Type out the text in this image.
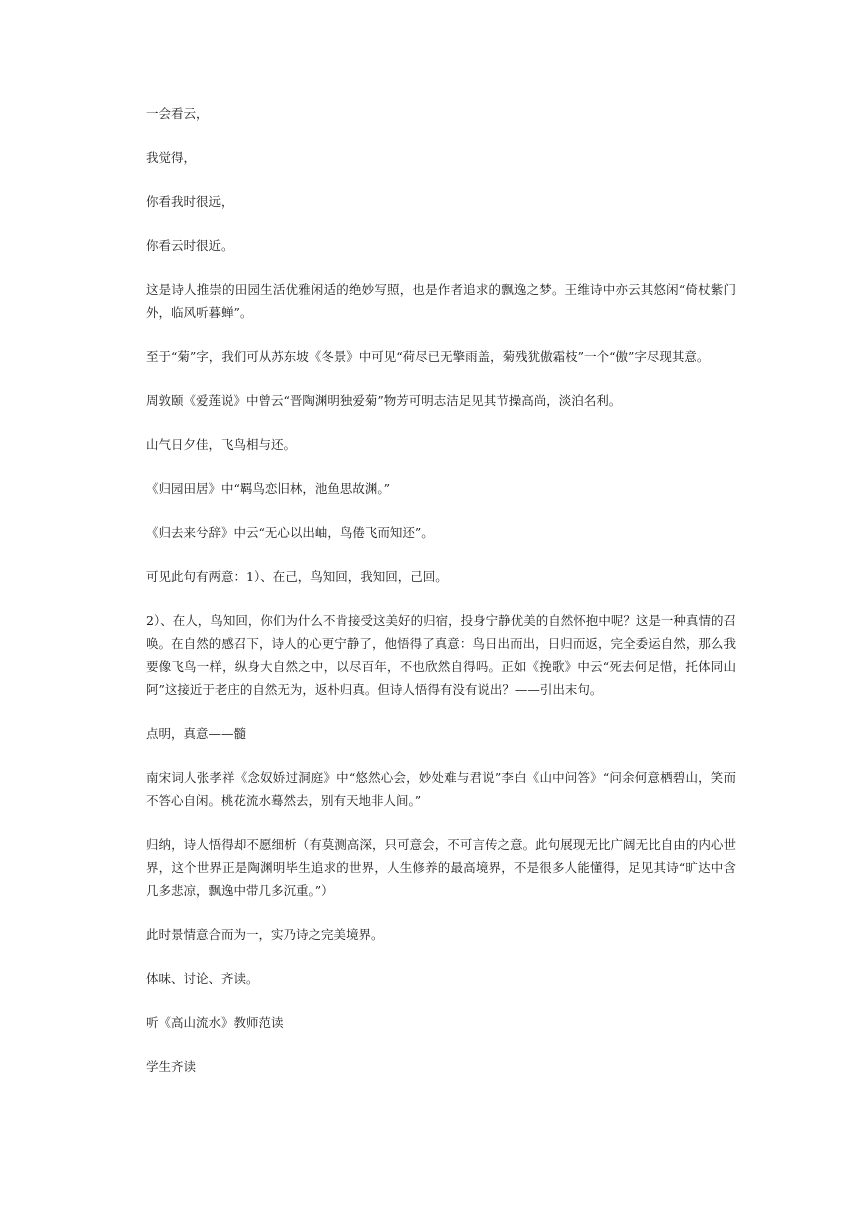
一会看云，

我觉得，

你看我时很远，

你看云时很近。

这是诗人推崇的田园生活优雅闲适的绝妙写照，也是作者追求的飘逸之梦。王维诗中亦云其悠闲“倚杖紫门外，临风听暮蝉”。

至于“菊”字，我们可从苏东坡《冬景》中可见“荷尽已无擎雨盖，菊残犹傲霜枝”一个“傲”字尽现其意。

周敦颐《爱莲说》中曾云“晋陶渊明独爱菊”物芳可明志洁足见其节操高尚，淡泊名利。

山气日夕佳，飞鸟相与还。

《归园田居》中“羁鸟恋旧林，池鱼思故渊。”

《归去来兮辞》中云“无心以出岫，鸟倦飞而知还”。

可见此句有两意：1）、在己，鸟知回，我知回，己回。

2）、在人，鸟知回，你们为什么不肯接受这美好的归宿，投身宁静优美的自然怀抱中呢？这是一种真情的召唤。在自然的感召下，诗人的心更宁静了，他悟得了真意：鸟日出而出，日归而返，完全委运自然，那么我要像飞鸟一样，纵身大自然之中，以尽百年，不也欣然自得吗。正如《挽歌》中云“死去何足惜，托体同山阿”这接近于老庄的自然无为，返朴归真。但诗人悟得有没有说出？——引出末句。

点明，真意——髓

南宋词人张孝祥《念奴娇过洞庭》中“悠然心会，妙处难与君说”李白《山中问答》“问余何意栖碧山，笑而不答心自闲。桃花流水蓦然去，别有天地非人间。”

归纳，诗人悟得却不愿细析（有莫测高深，只可意会，不可言传之意。此句展现无比广阔无比自由的内心世界，这个世界正是陶渊明毕生追求的世界，人生修养的最高境界，不是很多人能懂得，足见其诗“旷达中含几多悲凉，飘逸中带几多沉重。”）

此时景情意合而为一，实乃诗之完美境界。

体味、讨论、齐读。

听《高山流水》教师范读

学生齐读
